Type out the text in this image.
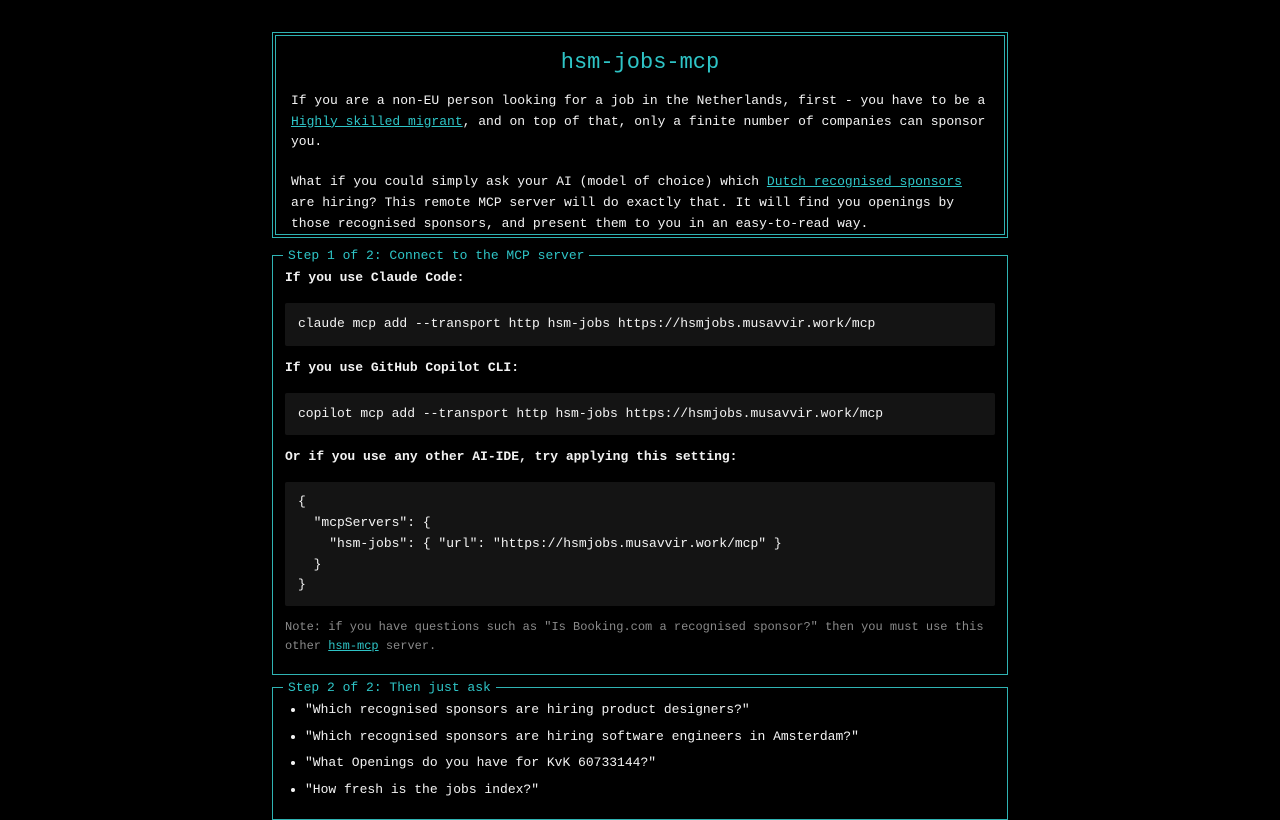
hsm-jobs-mcp

If you are a non-EU person looking for a job in the Netherlands, first - you have to be a Highly skilled migrant, and on top of that, only a finite number of companies can sponsor you.

What if you could simply ask your AI (model of choice) which Dutch recognised sponsors are hiring? This remote MCP server will do exactly that. It will find you openings by those recognised sponsors, and present them to you in an easy-to-read way.

Step 1 of 2: Connect to the MCP server

If you use Claude Code:

claude mcp add --transport http hsm-jobs https://hsmjobs.musavvir.work/mcp

If you use GitHub Copilot CLI:

copilot mcp add --transport http hsm-jobs https://hsmjobs.musavvir.work/mcp

Or if you use any other AI-IDE, try applying this setting:

{
"mcpServers": {
"hsm-jobs": { "url": "https://hsmjobs.musavvir.work/mcp" }
}
}

Note: if you have questions such as "Is Booking.com a recognised sponsor?" then you must use this other hsm-mcp server.

Step 2 of 2: Then just ask
• "Which recognised sponsors are hiring product designers?"
• "Which recognised sponsors are hiring software engineers in Amsterdam?"
• "What Openings do you have for KvK 60733144?"
• "How fresh is the jobs index?"
